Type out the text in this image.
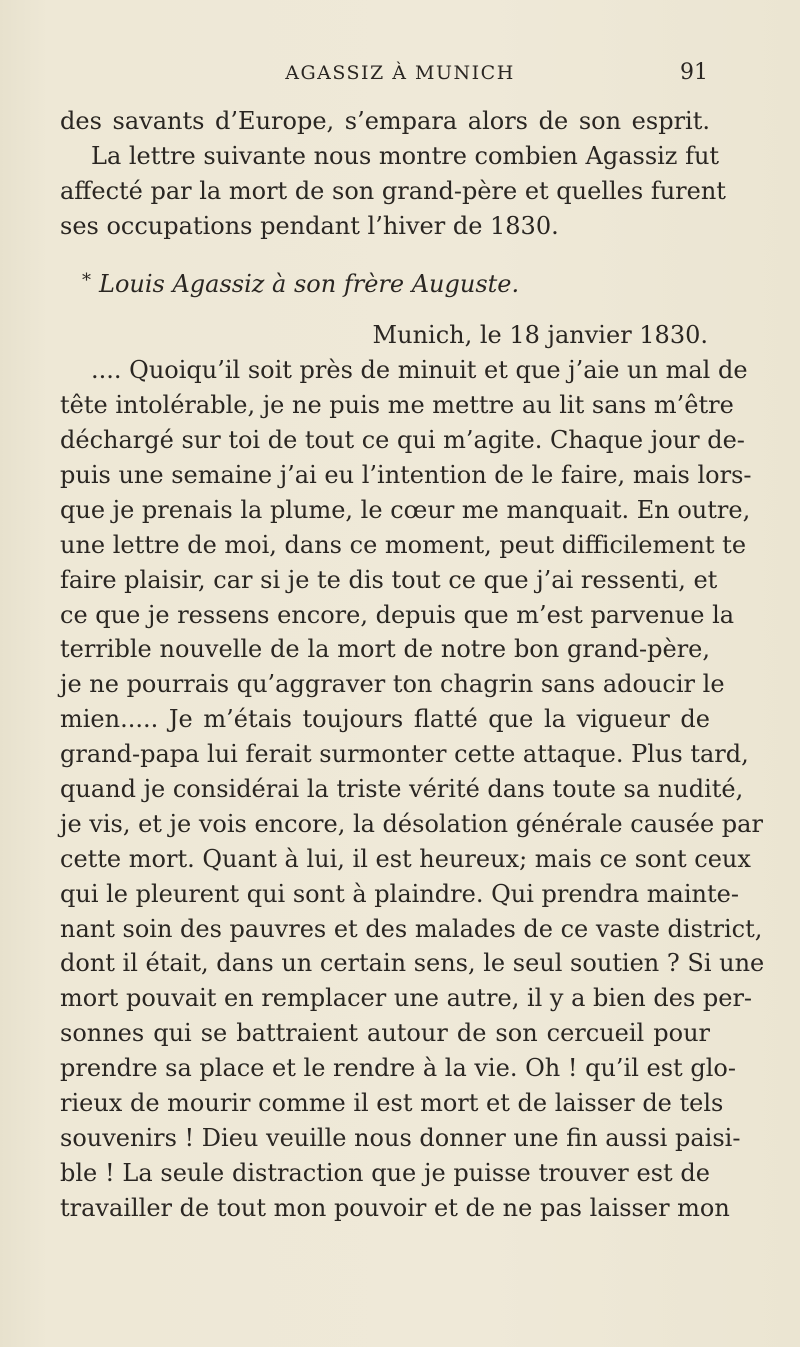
AGASSIZ À MUNICH	91
des savants d’Europe, s’empara alors de son esprit.
La lettre suivante nous montre combien Agassiz fut
affecté par la mort de son grand-père et quelles furent
ses occupations pendant l’hiver de 1830.
* Louis Agassiz à son frère Auguste.
Munich, le 18 janvier 1830.
.... Quoiqu’il soit près de minuit et que j’aie un mal de
tête intolérable, je ne puis me mettre au lit sans m’être
déchargé sur toi de tout ce qui m’agite. Chaque jour de-
puis une semaine j’ai eu l’intention de le faire, mais lors-
que je prenais la plume, le cœur me manquait. En outre,
une lettre de moi, dans ce moment, peut difficilement te
faire plaisir, car si je te dis tout ce que j’ai ressenti, et
ce que je ressens encore, depuis que m’est parvenue la
terrible nouvelle de la mort de notre bon grand-père,
je ne pourrais qu’aggraver ton chagrin sans adoucir le
mien..... Je m’étais toujours flatté que la vigueur de
grand-papa lui ferait surmonter cette attaque. Plus tard,
quand je considérai la triste vérité dans toute sa nudité,
je vis, et je vois encore, la désolation générale causée par
cette mort. Quant à lui, il est heureux; mais ce sont ceux
qui le pleurent qui sont à plaindre. Qui prendra mainte-
nant soin des pauvres et des malades de ce vaste district,
dont il était, dans un certain sens, le seul soutien ? Si une
mort pouvait en remplacer une autre, il y a bien des per-
sonnes qui se battraient autour de son cercueil pour
prendre sa place et le rendre à la vie. Oh ! qu’il est glo-
rieux de mourir comme il est mort et de laisser de tels
souvenirs ! Dieu veuille nous donner une fin aussi paisi-
ble ! La seule distraction que je puisse trouver est de
travailler de tout mon pouvoir et de ne pas laisser mon
